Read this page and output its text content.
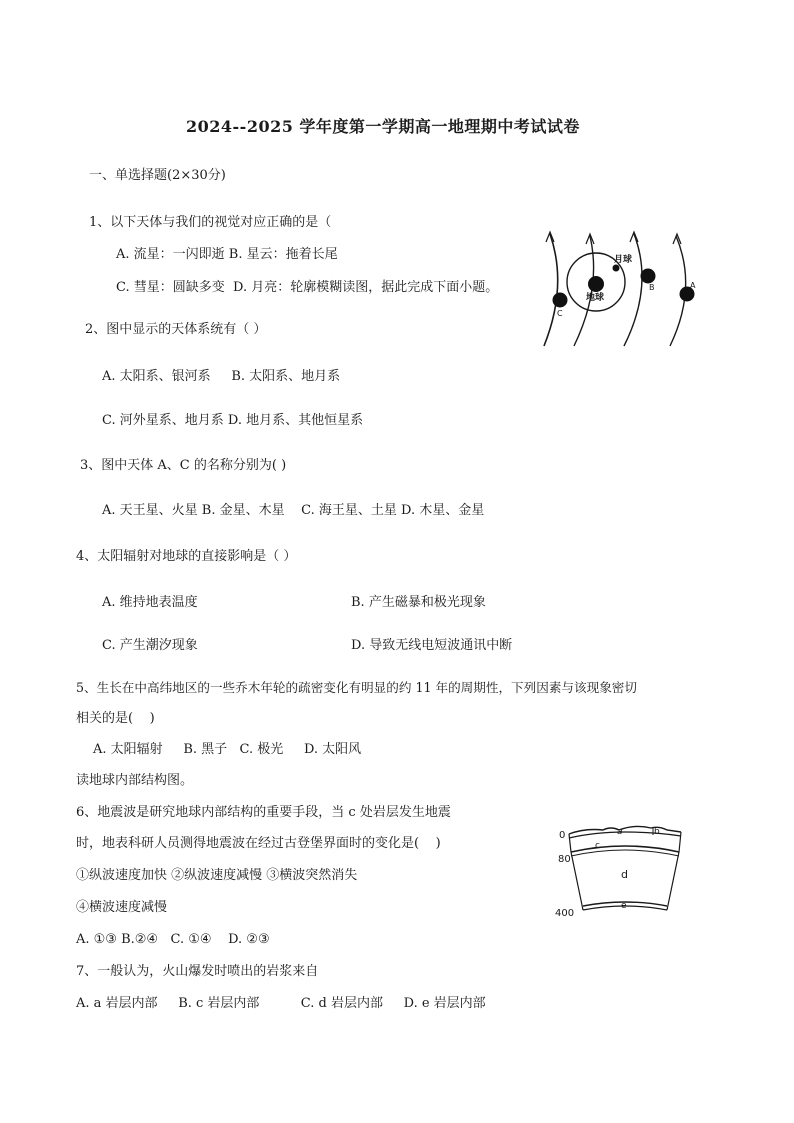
2024--2025 学年度第一学期高一地理期中考试试卷
一、单选择题(2×30分)
1、以下天体与我们的视觉对应正确的是（
A. 流星：一闪即逝 B. 星云：拖着长尾
C. 彗星：圆缺多变  D. 月亮：轮廓模糊读图，据此完成下面小题。
2、图中显示的天体系统有（ ）
A. 太阳系、银河系     B. 太阳系、地月系
C. 河外星系、地月系 D. 地月系、其他恒星系
3、图中天体 A、C 的名称分别为( )
A. 天王星、火星 B. 金星、木星    C. 海王星、土星 D. 木星、金星
4、太阳辐射对地球的直接影响是（ ）
A. 维持地表温度	B. 产生磁暴和极光现象
C. 产生潮汐现象	D. 导致无线电短波通讯中断
5、生长在中高纬地区的一些乔木年轮的疏密变化有明显的约 11 年的周期性，下列因素与该现象密切
相关的是(    )
A. 太阳辐射     B. 黑子   C. 极光     D. 太阳风
读地球内部结构图。
6、地震波是研究地球内部结构的重要手段，当 c 处岩层发生地震
时，地表科研人员测得地震波在经过古登堡界面时的变化是(    )
①纵波速度加快 ②纵波速度减慢 ③横波突然消失
④横波速度减慢
A. ①③ B.②④   C. ①④    D. ②③
7、一般认为，火山爆发时喷出的岩浆来自
A. a 岩层内部     B. c 岩层内部          C. d 岩层内部     D. e 岩层内部
月球
地球
C
B	A
0
80
400
a	b
c
d
e
